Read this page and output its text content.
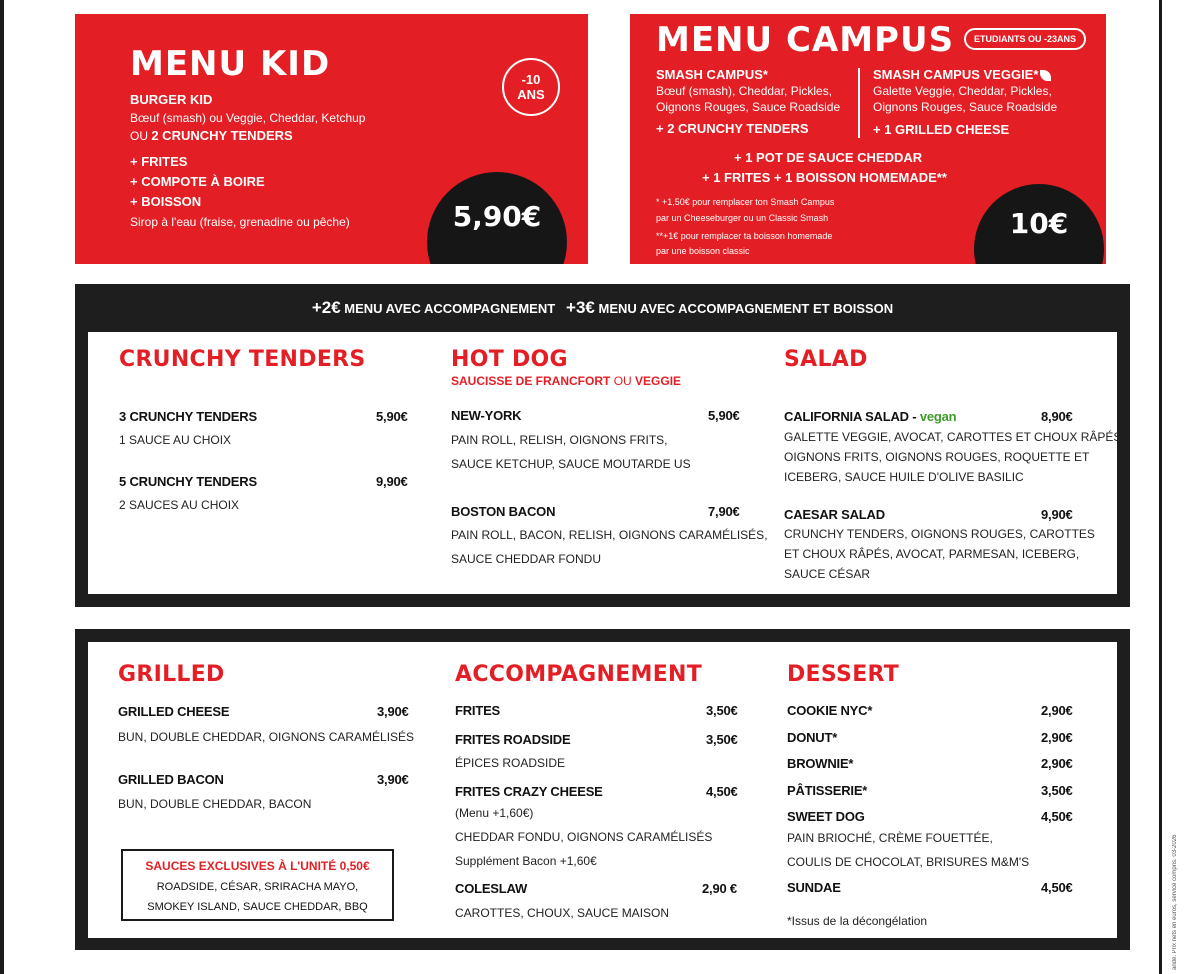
ande. Prix nets en euros, service compris. 03-2026
MENU KID	-10
ANS
BURGER KID
Bœuf (smash) ou Veggie, Cheddar, Ketchup
OU 2 CRUNCHY TENDERS
+ FRITES
+ COMPOTE À BOIRE
+ BOISSON
Sirop à l'eau (fraise, grenadine ou pêche)	5,90€
MENU CAMPUS	ETUDIANTS OU -23ANS
SMASH CAMPUS*
Bœuf (smash), Cheddar, Pickles,
Oignons Rouges, Sauce Roadside
+ 2 CRUNCHY TENDERS
SMASH CAMPUS VEGGIE*
Galette Veggie, Cheddar, Pickles,
Oignons Rouges, Sauce Roadside
+ 1 GRILLED CHEESE
+ 1 POT DE SAUCE CHEDDAR
+ 1 FRITES + 1 BOISSON HOMEMADE**
* +1,50€ pour remplacer ton Smash Campus
par un Cheeseburger ou un Classic Smash
**+1€ pour remplacer ta boisson homemade
par une boisson classic
10€
+2€ MENU AVEC ACCOMPAGNEMENT +3€ MENU AVEC ACCOMPAGNEMENT ET BOISSON
CRUNCHY TENDERS
3 CRUNCHY TENDERS	5,90€
1 SAUCE AU CHOIX
5 CRUNCHY TENDERS	9,90€
2 SAUCES AU CHOIX
HOT DOG
SAUCISSE DE FRANCFORT OU VEGGIE
NEW-YORK	5,90€
PAIN ROLL, RELISH, OIGNONS FRITS,
SAUCE KETCHUP, SAUCE MOUTARDE US
BOSTON BACON	7,90€
PAIN ROLL, BACON, RELISH, OIGNONS CARAMÉLISÉS,
SAUCE CHEDDAR FONDU
SALAD
CALIFORNIA SALAD - vegan	8,90€
GALETTE VEGGIE, AVOCAT, CAROTTES ET CHOUX RÂPÉS,
OIGNONS FRITS, OIGNONS ROUGES, ROQUETTE ET
ICEBERG, SAUCE HUILE D'OLIVE BASILIC
CAESAR SALAD	9,90€
CRUNCHY TENDERS, OIGNONS ROUGES, CAROTTES
ET CHOUX RÂPÉS, AVOCAT, PARMESAN, ICEBERG,
SAUCE CÉSAR
GRILLED
GRILLED CHEESE	3,90€
BUN, DOUBLE CHEDDAR, OIGNONS CARAMÉLISÉS
GRILLED BACON	3,90€
BUN, DOUBLE CHEDDAR, BACON
SAUCES EXCLUSIVES À L'UNITÉ 0,50€
ROADSIDE, CÉSAR, SRIRACHA MAYO,
SMOKEY ISLAND, SAUCE CHEDDAR, BBQ
ACCOMPAGNEMENT
FRITES	3,50€
FRITES ROADSIDE	3,50€
ÉPICES ROADSIDE
FRITES CRAZY CHEESE	4,50€
(Menu +1,60€)
CHEDDAR FONDU, OIGNONS CARAMÉLISÉS
Supplément Bacon +1,60€
COLESLAW	2,90 €
CAROTTES, CHOUX, SAUCE MAISON
DESSERT
COOKIE NYC*	2,90€
DONUT*	2,90€
BROWNIE*	2,90€
PÂTISSERIE*	3,50€
SWEET DOG	4,50€
PAIN BRIOCHÉ, CRÈME FOUETTÉE,
COULIS DE CHOCOLAT, BRISURES M&M'S
SUNDAE	4,50€
*Issus de la décongélation
